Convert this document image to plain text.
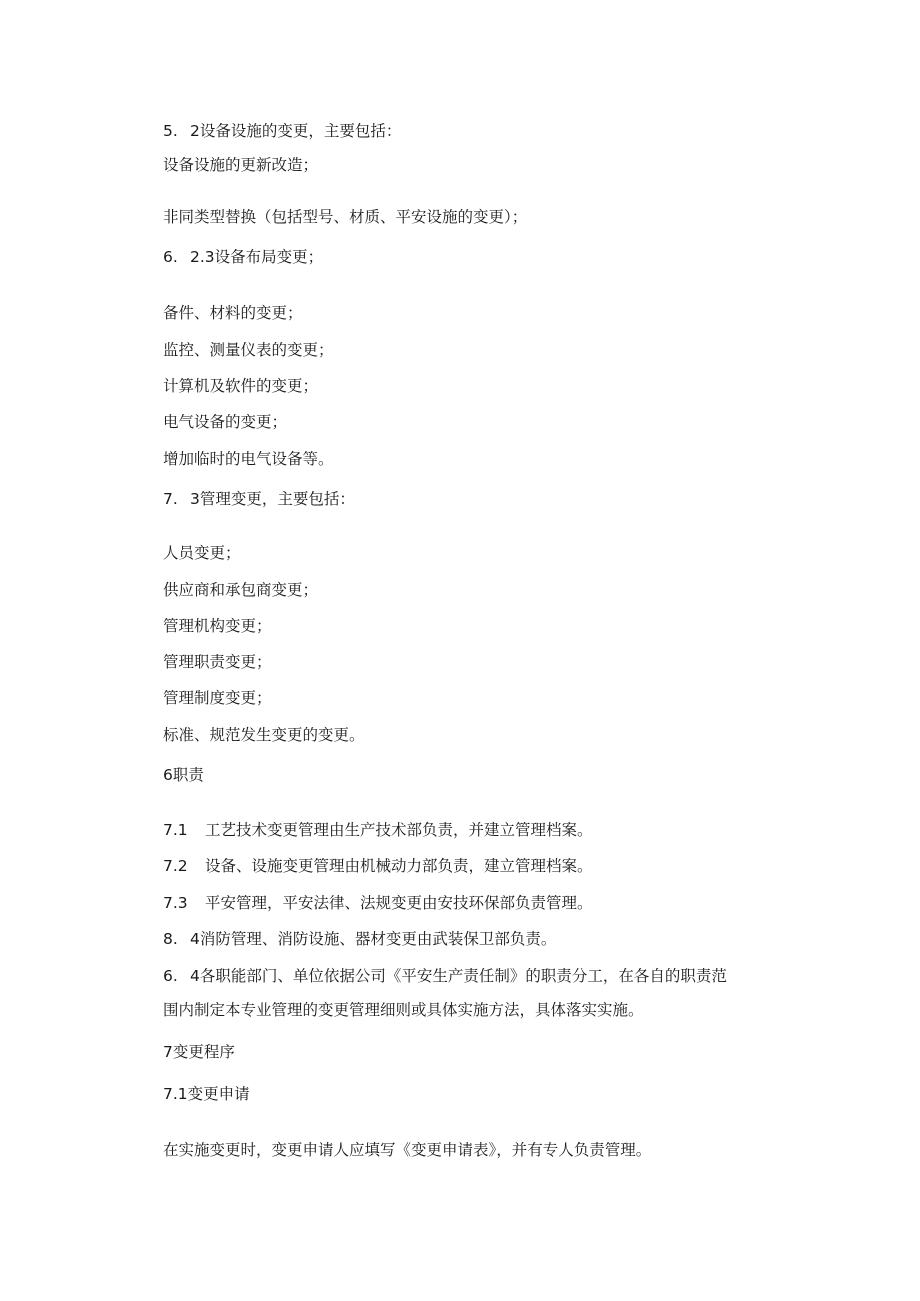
5. 2设备设施的变更，主要包括：
设备设施的更新改造；
非同类型替换（包括型号、材质、平安设施的变更）；
6. 2.3设备布局变更；
备件、材料的变更；
监控、测量仪表的变更；
计算机及软件的变更；
电气设备的变更；
增加临时的电气设备等。
7. 3管理变更，主要包括：
人员变更；
供应商和承包商变更；
管理机构变更；
管理职责变更；
管理制度变更；
标准、规范发生变更的变更。
6职责
7.1 工艺技术变更管理由生产技术部负责，并建立管理档案。
7.2 设备、设施变更管理由机械动力部负责，建立管理档案。
7.3 平安管理，平安法律、法规变更由安技环保部负责管理。
8. 4消防管理、消防设施、器材变更由武装保卫部负责。
6. 4各职能部门、单位依据公司《平安生产责任制》的职责分工，在各自的职责范
围内制定本专业管理的变更管理细则或具体实施方法，具体落实实施。
7变更程序
7.1变更申请
在实施变更时，变更申请人应填写《变更申请表》，并有专人负责管理。
